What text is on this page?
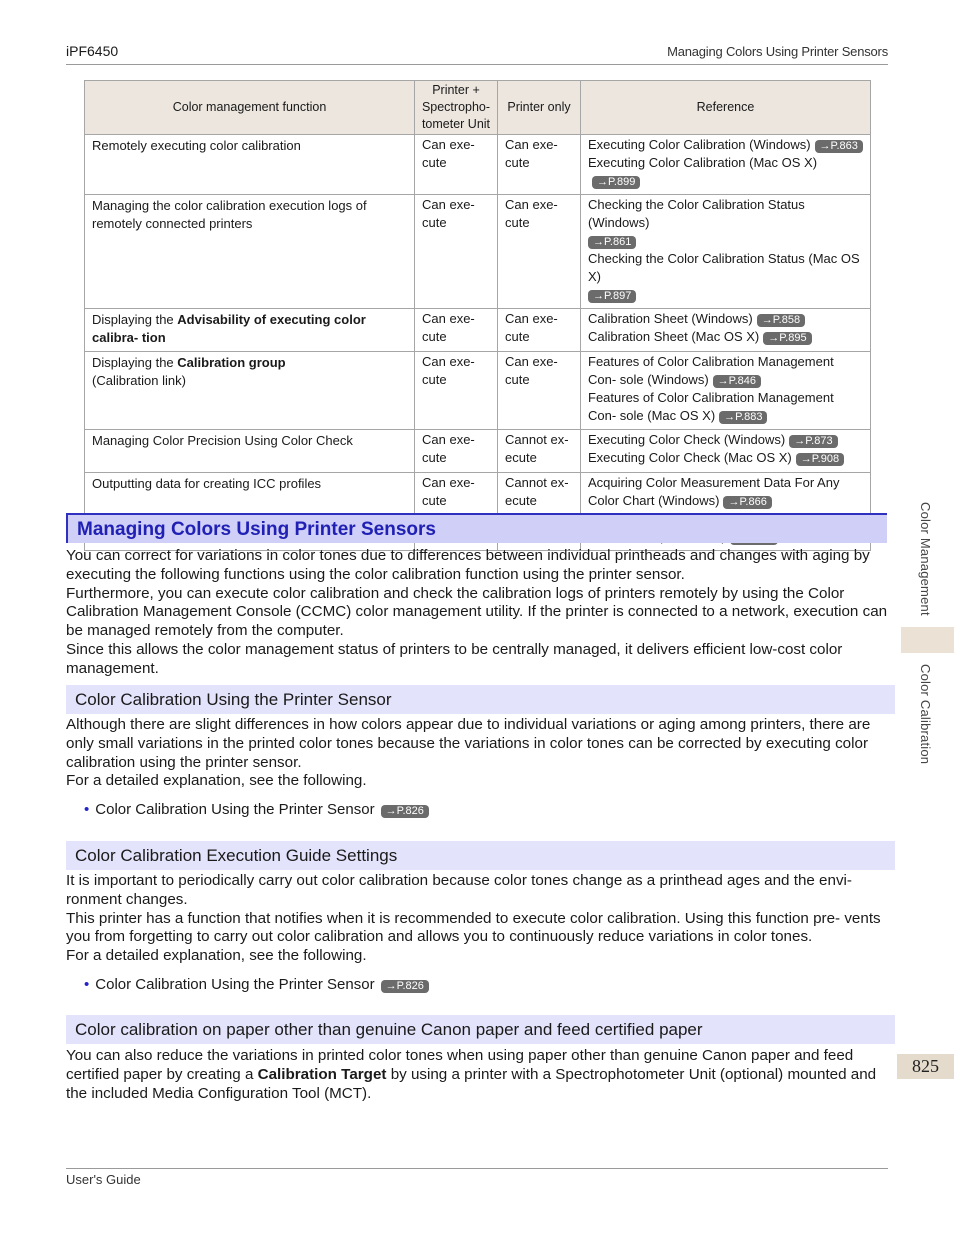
iPF6450	Managing Colors Using Printer Sensors
Color management function	Printer + Spectropho- tometer Unit	Printer only	Reference
Remotely executing color calibration	Can exe- cute	Can exe- cute	Executing Color Calibration (Windows) →P.863
Executing Color Calibration (Mac OS X)→P.899

Managing the color calibration execution logs of remotely connected printers	Can exe- cute	Can exe- cute	Checking the Color Calibration Status (Windows)
→P.861
Checking the Color Calibration Status (Mac OS X)
→P.897

Displaying the Advisability of executing color calibra- tion	Can exe- cute	Can exe- cute	Calibration Sheet (Windows) →P.858
Calibration Sheet (Mac OS X) →P.895

Displaying the Calibration group
(Calibration link)	Can exe- cute	Can exe- cute	Features of Color Calibration Management Con- sole (Windows) →P.846
Features of Color Calibration Management Con- sole (Mac OS X) →P.883

Managing Color Precision Using Color Check	Can exe- cute	Cannot ex- ecute	Executing Color Check (Windows) →P.873
Executing Color Check (Mac OS X) →P.908

Outputting data for creating ICC profiles	Can exe- cute	Cannot ex- ecute	Acquiring Color Measurement Data For Any Color Chart (Windows) →P.866
Managing Colors Using Printer Sensors

You can correct for variations in color tones due to differences between individual printheads and changes with aging by executing the following functions using the color calibration function using the printer sensor.

Furthermore, you can execute color calibration and check the calibration logs of printers remotely by using the Color Calibration Management Console (CCMC) color management utility. If the printer is connected to a network, execution can be managed remotely from the computer.

Since this allows the color management status of printers to be centrally managed, it delivers efficient low-cost color management.

Color Calibration Using the Printer Sensor

Although there are slight differences in how colors appear due to individual variations or aging among printers, there are only small variations in the printed color tones because the variations in color tones can be corrected by executing color calibration using the printer sensor.

For a detailed explanation, see the following.

• Color Calibration Using the Printer Sensor →P.826
Color Calibration Execution Guide Settings

It is important to periodically carry out color calibration because color tones change as a printhead ages and the envi- ronment changes.

This printer has a function that notifies when it is recommended to execute color calibration. Using this function pre- vents you from forgetting to carry out color calibration and allows you to continuously reduce variations in color tones.

For a detailed explanation, see the following.

• Color Calibration Using the Printer Sensor →P.826
Color calibration on paper other than genuine Canon paper and feed certified paper

You can also reduce the variations in printed color tones when using paper other than genuine Canon paper and feed certified paper by creating a Calibration Target by using a printer with a Spectrophotometer Unit (optional) mounted and the included Media Configuration Tool (MCT).

Color Management
Color Calibration
825
User's Guide
